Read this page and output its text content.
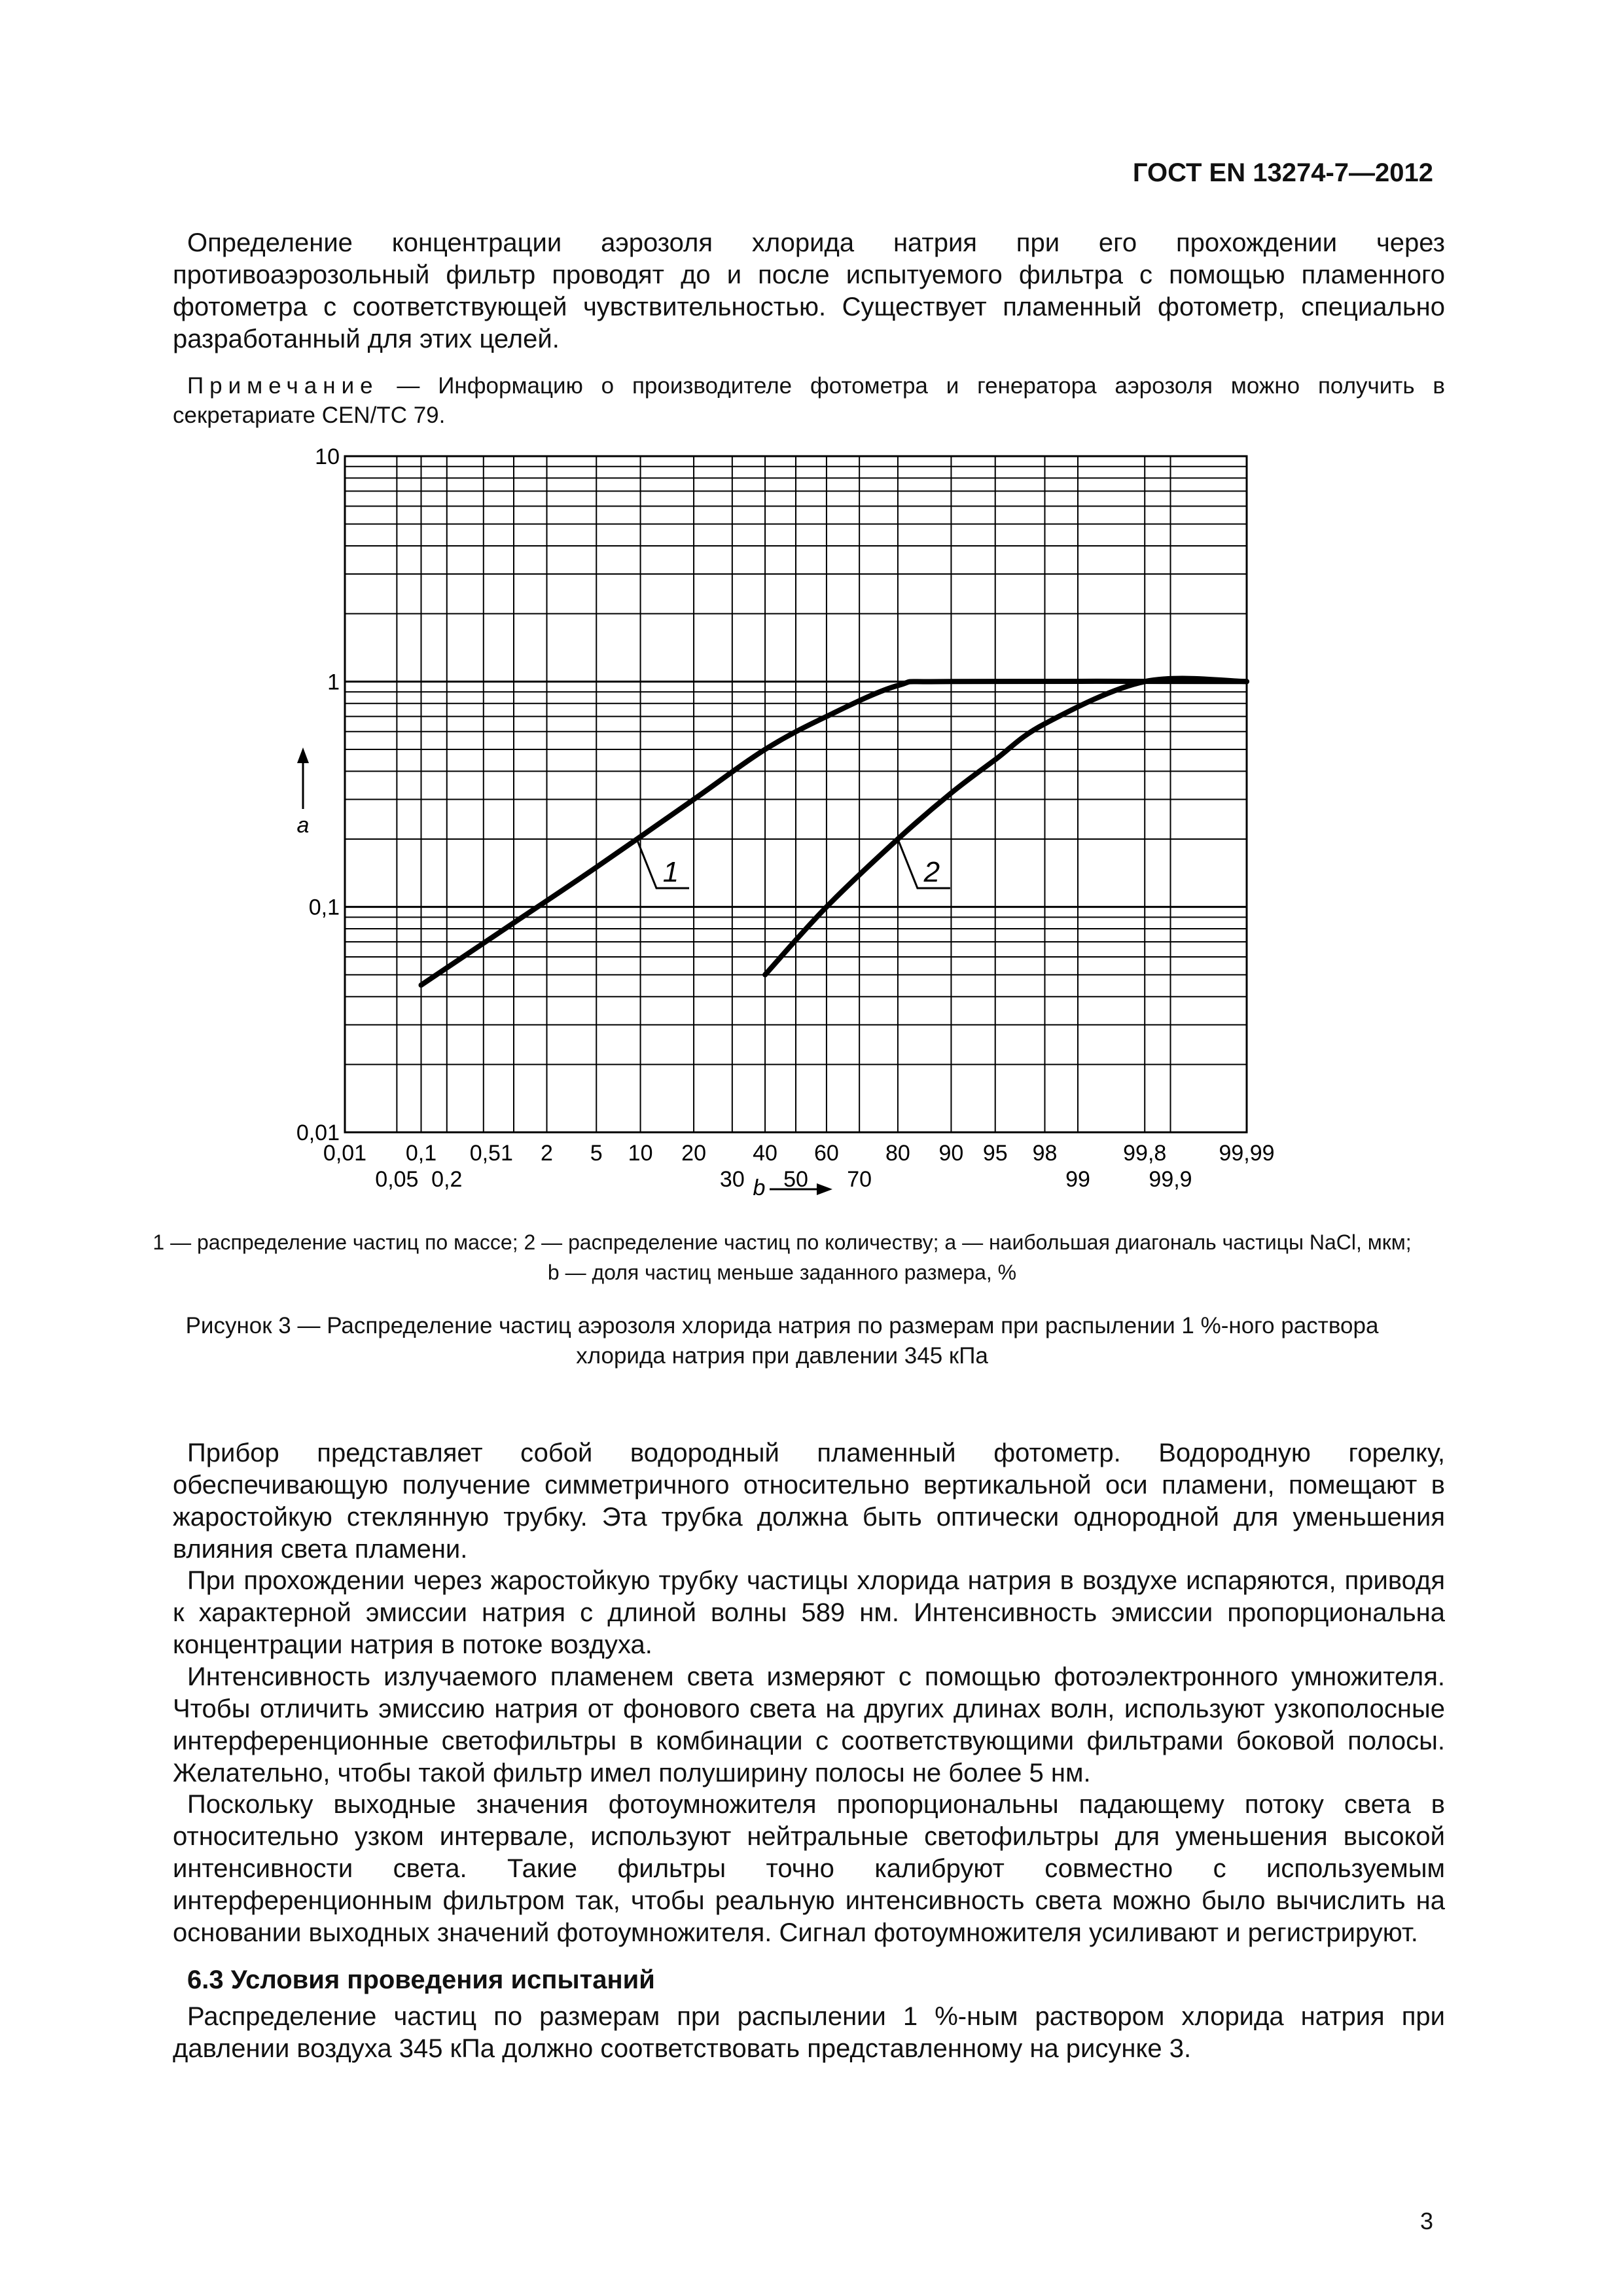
ГОСТ EN 13274-7—2012

Определение концентрации аэрозоля хлорида натрия при его прохождении через противоаэрозольный фильтр проводят до и после испытуемого фильтра с помощью пламенного фотометра с соответствующей чувствительностью. Существует пламенный фотометр, специально разработанный для этих целей.

Примечание — Информацию о производителе фотометра и генератора аэрозоля можно получить в секретариате CEN/TC 79.

10
1
0,1
0,01
0,01 0,1 0,51 2 5 10 20 40 60 80 90 95 98	99,8 99,99
0,05 0,2	30 50 70	99	99,9
1	2
a
b

1 — распределение частиц по массе; 2 — распределение частиц по количеству; a — наибольшая диагональ частицы NaCl, мкм;
b — доля частиц меньше заданного размера, %

Рисунок 3 — Распределение частиц аэрозоля хлорида натрия по размерам при распылении 1 %-ного раствора
хлорида натрия при давлении 345 кПа

Прибор представляет собой водородный пламенный фотометр. Водородную горелку, обеспечивающую получение симметричного относительно вертикальной оси пламени, помещают в жаростойкую стеклянную трубку. Эта трубка должна быть оптически однородной для уменьшения влияния света пламени.

При прохождении через жаростойкую трубку частицы хлорида натрия в воздухе испаряются, приводя к характерной эмиссии натрия с длиной волны 589 нм. Интенсивность эмиссии пропорциональна концентрации натрия в потоке воздуха.

Интенсивность излучаемого пламенем света измеряют с помощью фотоэлектронного умножителя. Чтобы отличить эмиссию натрия от фонового света на других длинах волн, используют узкополосные интерференционные светофильтры в комбинации с соответствующими фильтрами боковой полосы. Желательно, чтобы такой фильтр имел полуширину полосы не более 5 нм.

Поскольку выходные значения фотоумножителя пропорциональны падающему потоку света в относительно узком интервале, используют нейтральные светофильтры для уменьшения высокой интенсивности света. Такие фильтры точно калибруют совместно с используемым интерференционным фильтром так, чтобы реальную интенсивность света можно было вычислить на основании выходных значений фотоумножителя. Сигнал фотоумножителя усиливают и регистрируют.

6.3 Условия проведения испытаний

Распределение частиц по размерам при распылении 1 %-ным раствором хлорида натрия при давлении воздуха 345 кПа должно соответствовать представленному на рисунке 3.

3
